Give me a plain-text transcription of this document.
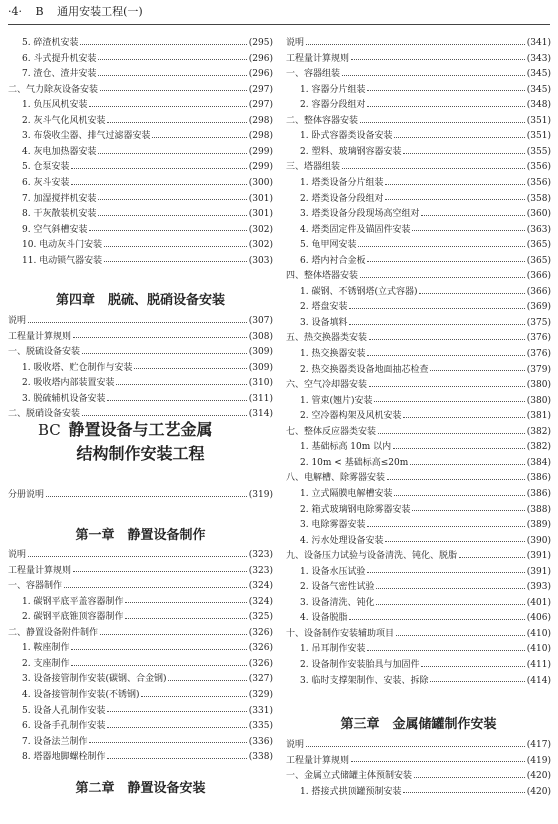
·4· B 通用安装工程(一)
5. 碎渣机安装	(295)
6. 斗式提升机安装	(296)
7. 渣仓、渣井安装	(296)
二、气力除灰设备安装	(297)
1. 负压风机安装	(297)
2. 灰斗气化风机安装	(298)
3. 布袋收尘器、排气过滤器安装	(298)
4. 灰电加热器安装	(299)
5. 仓泵安装	(299)
6. 灰斗安装	(300)
7. 加湿搅拌机安装	(301)
8. 干灰散装机安装	(301)
9. 空气斜槽安装	(302)
10. 电动灰斗门安装	(302)
11. 电动锁气器安装	(303)
第四章　脱硫、脱硝设备安装
说明	(307)
工程量计算规则	(308)
一、脱硫设备安装	(309)
1. 吸收塔、贮仓制作与安装	(309)
2. 吸收塔内部装置安装	(310)
3. 脱硫辅机设备安装	(311)
二、脱硝设备安装	(314)
BC 静置设备与工艺金属
结构制作安装工程
分册说明	(319)
第一章　静置设备制作
说明	(323)
工程量计算规则	(323)
一、容器制作	(324)
1. 碳钢平底平盖容器制作	(324)
2. 碳钢平底锥顶容器制作	(325)
二、静置设备附件制作	(326)
1. 鞍座制作	(326)
2. 支座制作	(326)
3. 设备接管制作安装(碳钢、合金钢)	(327)
4. 设备接管制作安装(不锈钢)	(329)
5. 设备人孔制作安装	(331)
6. 设备手孔制作安装	(335)
7. 设备法兰制作	(336)
8. 塔器地脚螺栓制作	(338)
第二章　静置设备安装
说明	(341)
工程量计算规则	(343)
一、容器组装	(345)
1. 容器分片组装	(345)
2. 容器分段组对	(348)
二、整体容器安装	(351)
1. 卧式容器类设备安装	(351)
2. 塑料、玻璃钢容器安装	(355)
三、塔器组装	(356)
1. 塔类设备分片组装	(356)
2. 塔类设备分段组对	(358)
3. 塔类设备分段现场高空组对	(360)
4. 塔类固定件及锚固件安装	(363)
5. 龟甲网安装	(365)
6. 塔内衬合金板	(365)
四、整体塔器安装	(366)
1. 碳钢、不锈钢塔(立式容器)	(366)
2. 塔盘安装	(369)
3. 设备填料	(375)
五、热交换器类安装	(376)
1. 热交换器安装	(376)
2. 热交换器类设备地面抽芯检查	(379)
六、空气冷却器安装	(380)
1. 管束(翘片)安装	(380)
2. 空冷器构架及风机安装	(381)
七、整体反应器类安装	(382)
1. 基础标高 10m 以内	(382)
2. 10m < 基础标高≤20m	(384)
八、电解槽、除雾器安装	(386)
1. 立式隔膜电解槽安装	(386)
2. 箱式玻璃钢电除雾器安装	(388)
3. 电除雾器安装	(389)
4. 污水处理设备安装	(390)
九、设备压力试验与设备清洗、钝化、脱脂	(391)
1. 设备水压试验	(391)
2. 设备气密性试验	(393)
3. 设备清洗、钝化	(401)
4. 设备脱脂	(406)
十、设备制作安装辅助项目	(410)
1. 吊耳制作安装	(410)
2. 设备制作安装胎具与加固件	(411)
3. 临时支撑架制作、安装、拆除	(414)
第三章　金属储罐制作安装
说明	(417)
工程量计算规则	(419)
一、金属立式储罐主体预制安装	(420)
1. 搭接式拱顶罐预制安装	(420)
